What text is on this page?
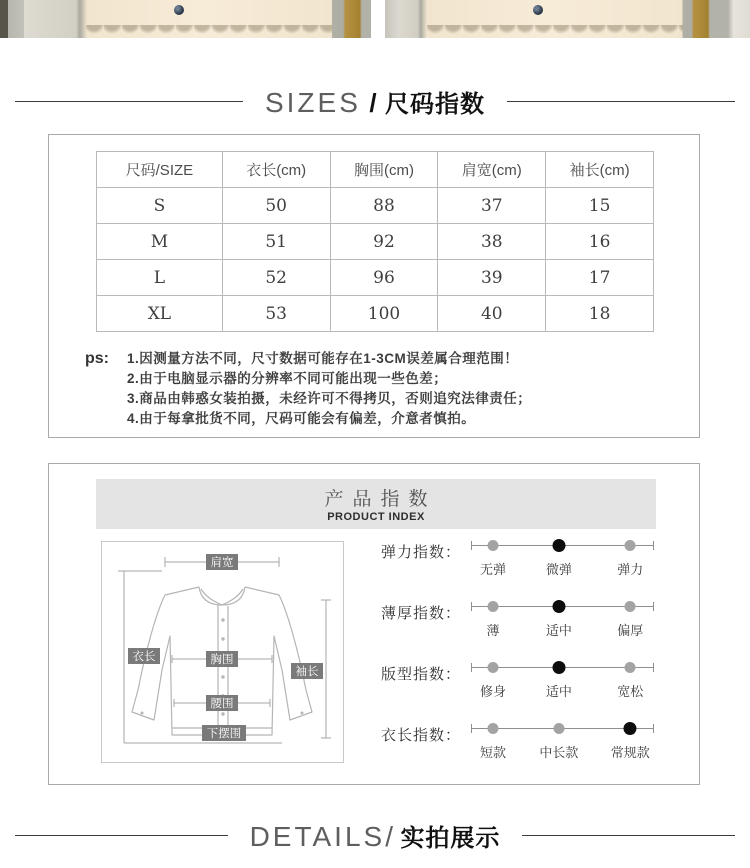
SIZES / 尺码指数
尺码/SIZE	衣长(cm)	胸围(cm)	肩宽(cm)	袖长(cm)
S	50	88	37	15
M	51	92	38	16
L	52	96	39	17
XL	53	100	40	18
ps:	1.因测量方法不同，尺寸数据可能存在1-3CM误差属合理范围！
2.由于电脑显示器的分辨率不同可能出现一些色差；
3.商品由韩惑女装拍摄，未经许可不得拷贝，否则追究法律责任；
4.由于每拿批货不同，尺码可能会有偏差，介意者慎拍。
产品指数
PRODUCT INDEX
肩宽
衣长	胸围
袖长
腰围
下摆围
弹力指数：
无弹	微弹	弹力
薄厚指数：
薄	适中	偏厚
版型指数：
修身	适中	宽松
衣长指数：
短款	中长款 常规款
DETAILS/ 实拍展示
